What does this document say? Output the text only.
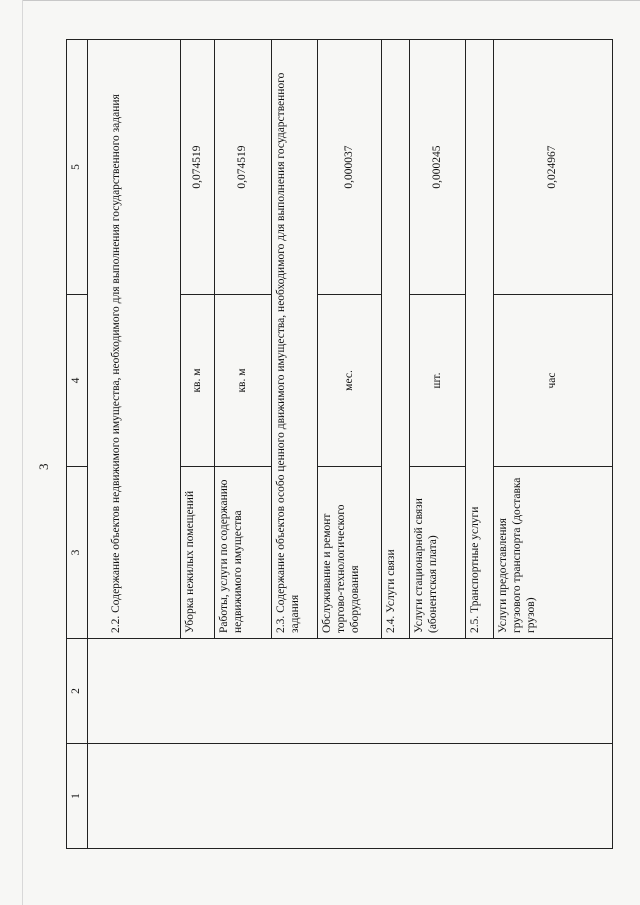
3
1	2	3	4	5
		2.2. Содержание объектов недвижимого имущества, необходимого для выполнения государственного задания		
		Уборка нежилых помещений	кв. м	0,074519
		Работы, услуги по содержанию недвижимого имущества	кв. м	0,074519
		2.3. Содержание объектов особо ценного движимого имущества, необходимого для выполнения государственного задания		
		Обслуживание и ремонт торгово-технологического оборудования	мес.	0,000037
		2.4. Услуги связи		
		Услуги стационарной связи (абонентская плата)	шт.	0,000245
		2.5. Транспортные услуги		
		Услуги предоставления грузового транспорта (доставка грузов)	час	0,024967
